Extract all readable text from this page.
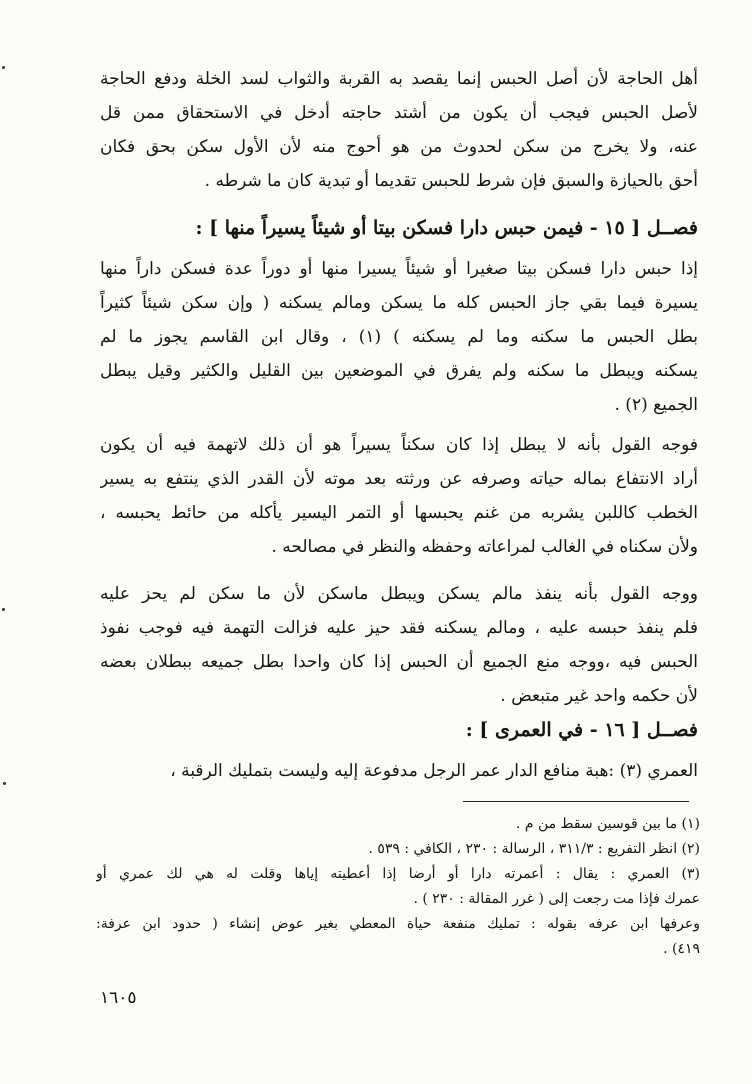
أهل الحاجة لأن أصل الحبس إنما يقصد به القربة والثواب لسد الخلة ودفع الحاجة
لأصل الحبس فيجب أن يكون من أشتد حاجته أدخل في الاستحقاق ممن قل
عنه، ولا يخرج من سكن لحدوث من هو أحوج منه لأن الأول سكن بحق فكان
أحق بالحيازة والسبق فإن شرط للحبس تقديما أو تبدية كان ما شرطه .
فصــل [ ١٥ - فيمن حبس دارا فسكن بيتا أو شيئاً يسيراً منها ] :
إذا حبس دارا فسكن بيتا صغيرا أو شيئاً يسيرا منها أو دوراً عدة فسكن داراً منها
يسيرة فيما بقي جاز الحبس كله ما يسكن ومالم يسكنه ( وإن سكن شيئاً كثيراً
بطل الحبس ما سكنه وما لم يسكنه ) (١) ، وقال ابن القاسم يجوز ما لم
يسكنه ويبطل ما سكنه ولم يفرق في الموضعين بين القليل والكثير وقيل يبطل
الجميع (٢) .
فوجه القول بأنه لا يبطل إذا كان سكناً يسيراً هو أن ذلك لاتهمة فيه أن يكون
أراد الانتفاع بماله حياته وصرفه عن ورثته بعد موته لأن القدر الذي ينتفع به يسير
الخطب كاللبن يشربه من غنم يحبسها أو التمر اليسير يأكله من حائط يحبسه ،
ولأن سكناه في الغالب لمراعاته وحفظه والنظر في مصالحه .
ووجه القول بأنه ينفذ مالم يسكن ويبطل ماسكن لأن ما سكن لم يحز عليه
فلم ينفذ حبسه عليه ، ومالم يسكنه فقد حيز عليه فزالت التهمة فيه فوجب نفوذ
الحبس فيه ،ووجه منع الجميع أن الحبس إذا كان واحدا بطل جميعه ببطلان بعضه
لأن حكمه واحد غير متبعض .
فصــل [ ١٦ - في العمرى ] :
العمري (٣) :هبة منافع الدار عمر الرجل مدفوعة إليه وليست بتمليك الرقبة ،
(١) ما بين قوسين سقط من م .
(٢) انظر التفريع : ٣١١/٣ ، الرسالة : ٢٣٠ ، الكافي : ٥٣٩ .
(٣) العمري : يقال : أعمرته دارا أو أرضا إذا أعطيته إياها وقلت له هي لك عمري أو
عمرك فإذا مت رجعت إلى ( غرر المقالة : ٢٣٠ ) .
وعرفها ابن عرفه بقوله : تمليك منفعة حياة المعطي بغير عوض إنشاء ( حدود ابن عرفة:
٤١٩) .
١٦٠٥
